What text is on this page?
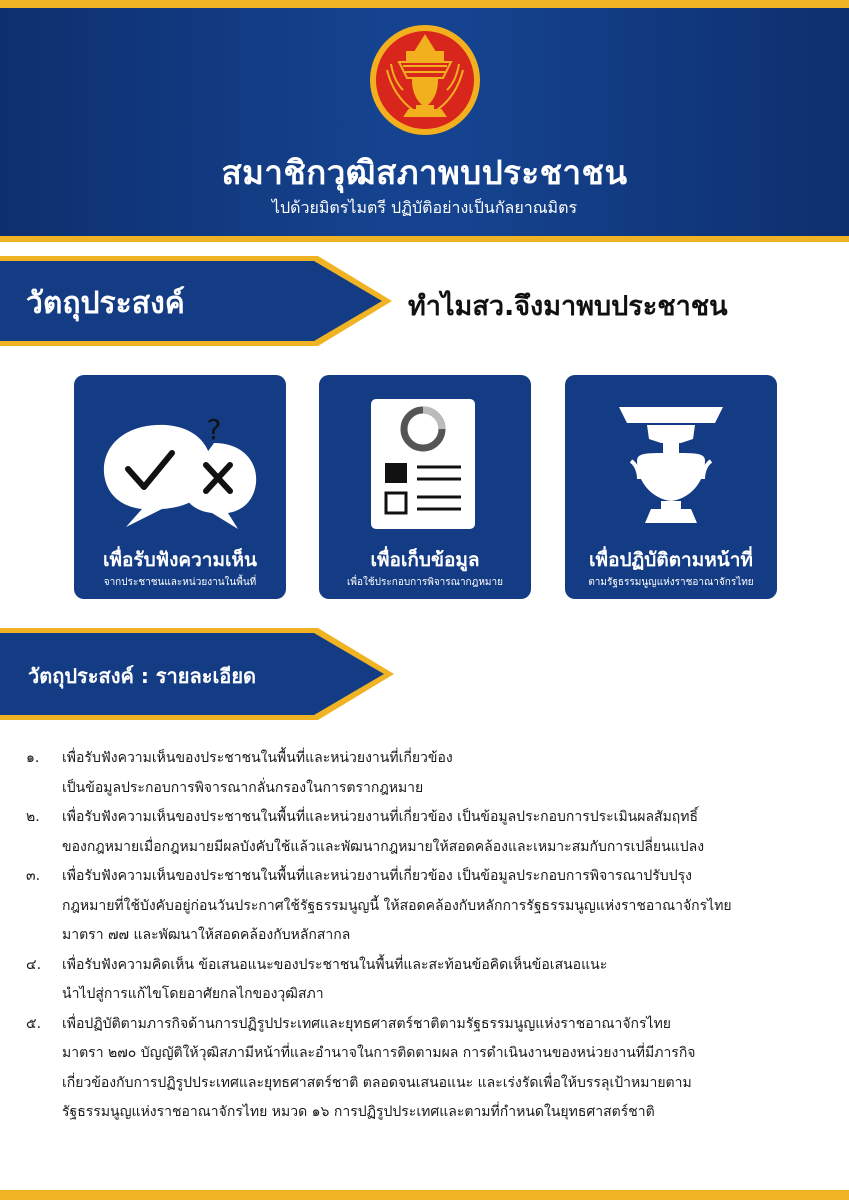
สมาชิกวุฒิสภาพบประชาชน
ไปด้วยมิตรไมตรี ปฏิบัติอย่างเป็นกัลยาณมิตร
วัตถุประสงค์	ทำไมสว.จึงมาพบประชาชน
?
เพื่อรับฟังความเห็น
จากประชาชนและหน่วยงานในพื้นที่
เพื่อเก็บข้อมูล
เพื่อใช้ประกอบการพิจารณากฎหมาย
เพื่อปฏิบัติตามหน้าที่
ตามรัฐธรรมนูญแห่งราชอาณาจักรไทย
วัตถุประสงค์ : รายละเอียด
๑.	เพื่อรับฟังความเห็นของประชาชนในพื้นที่และหน่วยงานที่เกี่ยวข้อง
เป็นข้อมูลประกอบการพิจารณากลั่นกรองในการตรากฎหมาย
๒.	เพื่อรับฟังความเห็นของประชาชนในพื้นที่และหน่วยงานที่เกี่ยวข้อง เป็นข้อมูลประกอบการประเมินผลสัมฤทธิ์
ของกฎหมายเมื่อกฎหมายมีผลบังคับใช้แล้วและพัฒนากฎหมายให้สอดคล้องและเหมาะสมกับการเปลี่ยนแปลง
๓.	เพื่อรับฟังความเห็นของประชาชนในพื้นที่และหน่วยงานที่เกี่ยวข้อง เป็นข้อมูลประกอบการพิจารณาปรับปรุง
กฎหมายที่ใช้บังคับอยู่ก่อนวันประกาศใช้รัฐธรรมนูญนี้ ให้สอดคล้องกับหลักการรัฐธรรมนูญแห่งราชอาณาจักรไทย
มาตรา ๗๗ และพัฒนาให้สอดคล้องกับหลักสากล
๔.	เพื่อรับฟังความคิดเห็น ข้อเสนอแนะของประชาชนในพื้นที่และสะท้อนข้อคิดเห็นข้อเสนอแนะ
นำไปสู่การแก้ไขโดยอาศัยกลไกของวุฒิสภา
๕.	เพื่อปฏิบัติตามภารกิจด้านการปฏิรูปประเทศและยุทธศาสตร์ชาติตามรัฐธรรมนูญแห่งราชอาณาจักรไทย
มาตรา ๒๗๐ บัญญัติให้วุฒิสภามีหน้าที่และอำนาจในการติดตามผล การดำเนินงานของหน่วยงานที่มีภารกิจ
เกี่ยวข้องกับการปฏิรูปประเทศและยุทธศาสตร์ชาติ ตลอดจนเสนอแนะ และเร่งรัดเพื่อให้บรรลุเป้าหมายตาม
รัฐธรรมนูญแห่งราชอาณาจักรไทย หมวด ๑๖ การปฏิรูปประเทศและตามที่กำหนดในยุทธศาสตร์ชาติ
